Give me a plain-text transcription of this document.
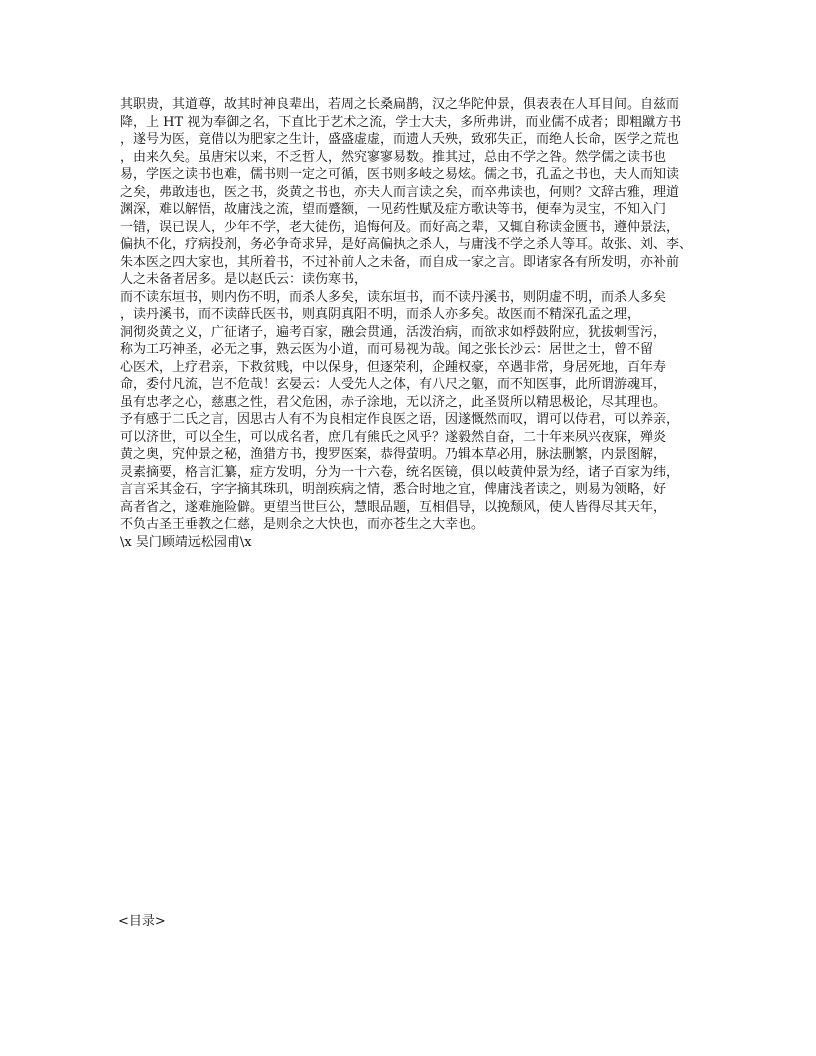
其职贵，其道尊，故其时神良辈出，若周之长桑扁鹊，汉之华陀仲景，俱表表在人耳目间。自兹而
降，上 HT 视为奉御之名，下直比于艺术之流，学士大夫，多所弗讲，而业儒不成者；即粗蹴方书
，遂号为医，竟借以为肥家之生计，盛盛虚虚，而遗人夭殃，致邪失正，而绝人长命，医学之荒也
，由来久矣。虽唐宋以来，不乏哲人，然究寥寥易数。推其过，总由不学之咎。然学儒之读书也
易，学医之读书也难，儒书则一定之可循，医书则多岐之易炫。儒之书，孔孟之书也，夫人而知读
之矣，弗敢违也，医之书，炎黄之书也，亦夫人而言读之矣，而卒弗读也，何则？文辞古雅，理道
渊深，难以解悟，故庸浅之流，望而蹙额，一见药性赋及症方歌诀等书，便奉为灵宝，不知入门
一错，误已误人，少年不学，老大徒伤，追悔何及。而好高之辈，又辄自称读金匮书，遵仲景法，
偏执不化，疗病投剂，务必争奇求异，是好高偏执之杀人，与庸浅不学之杀人等耳。故张、刘、李、
朱本医之四大家也，其所着书，不过补前人之未备，而自成一家之言。即诸家各有所发明，亦补前
人之未备者居多。是以赵氏云：读伤寒书，
而不读东垣书，则内伤不明，而杀人多矣，读东垣书，而不读丹溪书，则阴虚不明，而杀人多矣
，读丹溪书，而不读薛氏医书，则真阴真阳不明，而杀人亦多矣。故医而不精深孔孟之理，
洞彻炎黄之义，广征诸子，遍考百家，融会贯通，活泼治病，而欲求如桴鼓附应，犹拔刺雪污，
称为工巧神圣，必无之事，熟云医为小道，而可易视为哉。闻之张长沙云：居世之士，曾不留
心医术，上疗君亲，下救贫贱，中以保身，但逐荣利，企踵权豪，卒遇非常，身居死地，百年寿
命，委付凡流，岂不危哉！玄晏云：人受先人之体，有八尺之躯，而不知医事，此所谓游魂耳，
虽有忠孝之心，慈惠之性，君父危困，赤子涂地，无以济之，此圣贤所以精思极论，尽其理也。
予有感于二氏之言，因思古人有不为良相定作良医之语，因遂慨然而叹，谓可以侍君，可以养亲，
可以济世，可以全生，可以成名者，庶几有熊氏之风乎？遂毅然自奋，二十年来夙兴夜寐，殚炎
黄之奥，究仲景之秘，渔猎方书，搜罗医案，恭得萤明。乃辑本草必用，脉法删繁，内景图解，
灵素摘要，格言汇纂，症方发明，分为一十六卷，统名医镜，俱以岐黄仲景为经，诸子百家为纬，
言言采其金石，字字摘其珠玑，明剖疾病之情，悉合时地之宜，俾庸浅者读之，则易为领略，好
高者省之，遂难施险僻。更望当世巨公，慧眼品题，互相倡导，以挽颓风，使人皆得尽其天年，
不负古圣王垂教之仁慈，是则余之大快也，而亦苍生之大幸也。
\x 吴门顾靖远松园甫\x
<目录>
